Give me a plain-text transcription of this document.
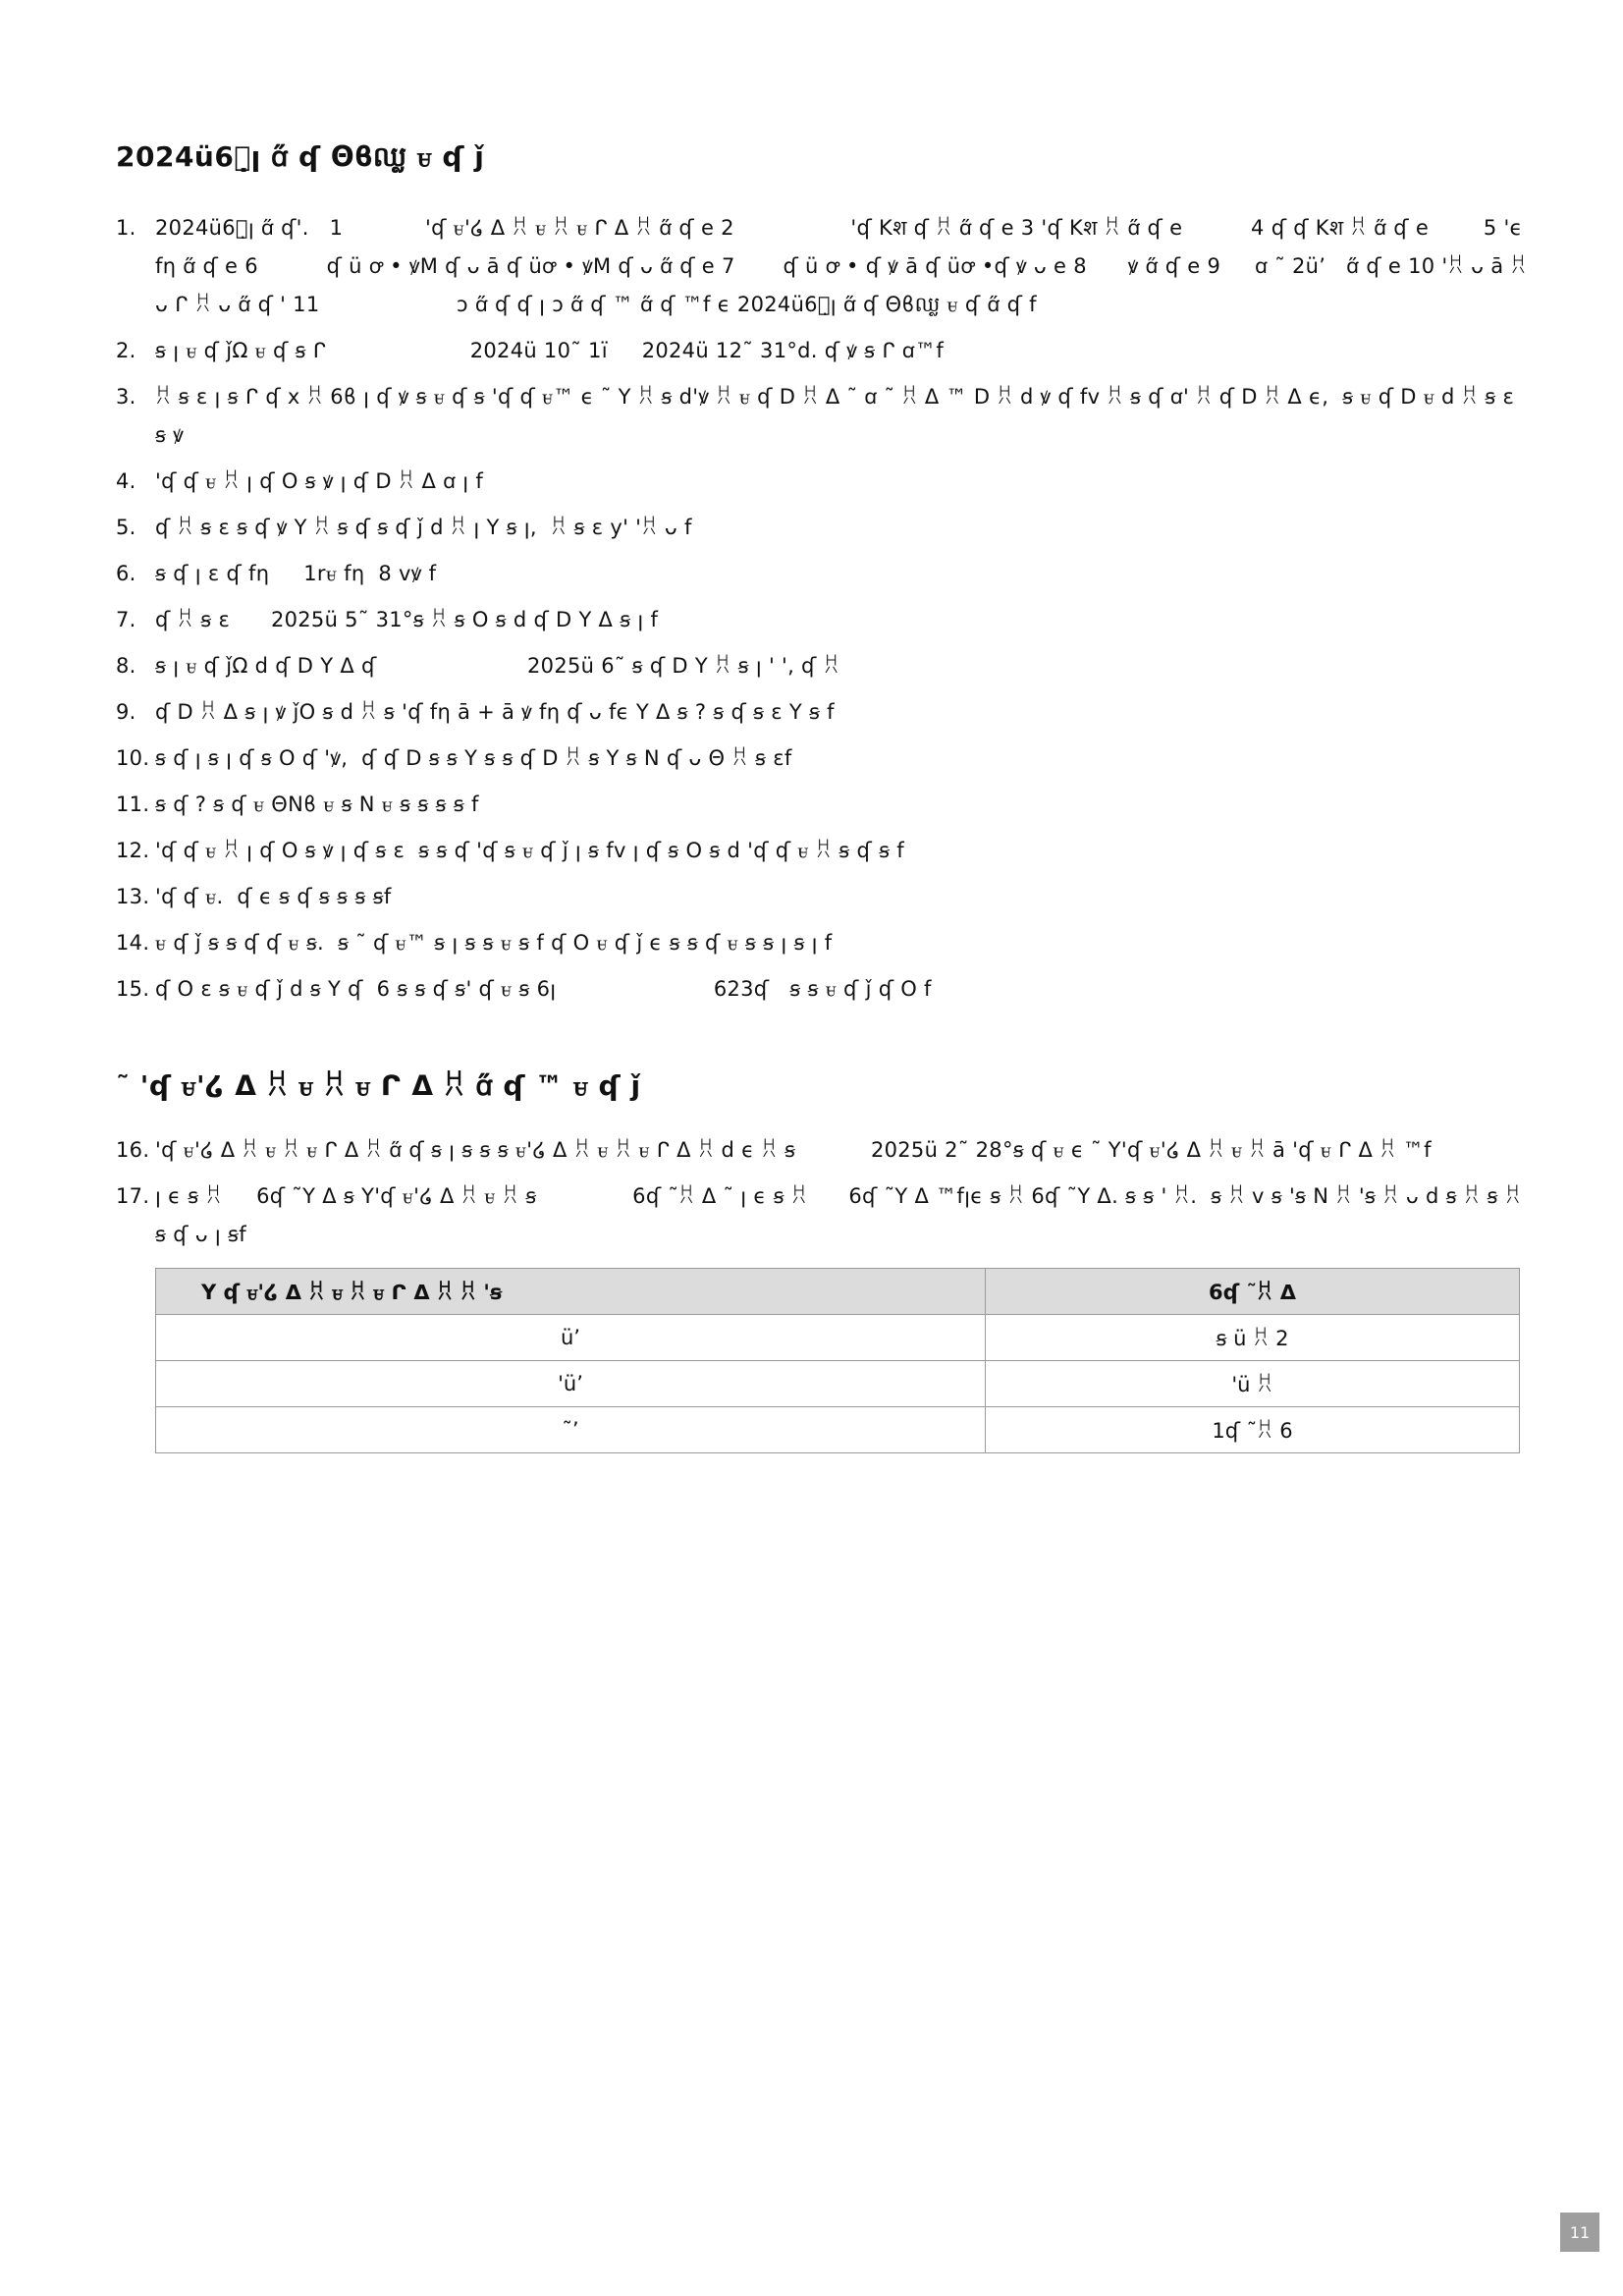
2024ü6ุ̣ꞁ ꭤ̋ ʠ Θϐឈ្ល ꮜ ʠ ǰ
1. 2024ü6ุ̣ꞁ ꭤ̋ ʠ'.   1            'ʠ ꮜ'໒ ᐃ ꀡ ꮜ ꀡ ꮜ ᒋ ᐃ ꀡ ꭤ̋ ʠ e 2                 'ʠ Kश ʠ ꀡ ꭤ̋ ʠ e 3 'ʠ Kश ꀡ ꭤ̋ ʠ e          4 ʠ ʠ Kश ꀡ ꭤ̋ ʠ e        5 'ϵfη ꭤ̋ ʠ e 6          ʠ ü ꝍ • ꝟM ʠ ᴗ ā ʠ üꝍ • ꝟM ʠ ᴗ ꭤ̋ ʠ e 7       ʠ ü ꝍ • ʠ ꝟ ā ʠ üꝍ •ʠ ꝟ ᴗ e 8      ꝟ ꭤ̋ ʠ e 9     ꭤ ˜ 2ü’   ꭤ̋ ʠ e 10 'ꀡ ᴗ ā ꀡ ᴗ ᒋ ꀡ ᴗ ꭤ̋ ʠ ' 11                    ↄ ꭤ̋ ʠ ʠ ꞁ ↄ ꭤ̋ ʠ ™ ꭤ̋ ʠ ™f ϵ 2024ü6ุ̣ꞁ ꭤ̋ ʠ Θϐឈ្ល ꮜ ʠ ꭤ̋ ʠ f
2. ꞩ ꞁ ꮜ ʠ ǰΩ ꮜ ʠ ꞩ ᒋ                     2024ü 10˜ 1ï     2024ü 12˜ 31°d. ʠ ꝟ ꞩ ᒋ ꭤ™f
3. ꀡ ꞩ ɛ ꞁ ꞩ ᒋ ʠ x ꀡ 6ϐ ꞁ ʠ ꝟ ꞩ ꮜ ʠ ꞩ 'ʠ ʠ ꮜ™ ϵ ˜ Y ꀡ ꞩ d'ꝟ ꀡ ꮜ ʠ D ꀡ ᐃ ˜ ꭤ ˜ ꀡ ᐃ ™ D ꀡ d ꝟ ʠ fv ꀡ ꞩ ʠ ꭤ' ꀡ ʠ D ꀡ ᐃ ϵ,  ꞩ ꮜ ʠ D ꮜ d ꀡ ꞩ ɛ ꞩ ꝟ
4. 'ʠ ʠ ꮜ ꀡ ꞁ ʠ O ꞩ ꝟ ꞁ ʠ D ꀡ ᐃ ꭤ ꞁ f
5. ʠ ꀡ ꞩ ɛ ꞩ ʠ ꝟ Y ꀡ ꞩ ʠ ꞩ ʠ ǰ d ꀡ ꞁ Y ꞩ ꞁ,  ꀡ ꞩ ɛ y' 'ꀡ ᴗ f
6. ꞩ ʠ ꞁ ɛ ʠ fη     1rꮜ fη  8 vꝟ f
7. ʠ ꀡ ꞩ ɛ      2025ü 5˜ 31°ꞩ ꀡ ꞩ O ꞩ d ʠ D Y ᐃ ꞩ ꞁ f
8. ꞩ ꞁ ꮜ ʠ ǰΩ d ʠ D Y ᐃ ʠ                      2025ü 6˜ ꞩ ʠ D Y ꀡ ꞩ ꞁ ' ', ʠ ꀡ
9. ʠ D ꀡ ᐃ ꞩ ꞁ ꝟ ǰO ꞩ d ꀡ ꞩ 'ʠ fη ā + ā ꝟ fη ʠ ᴗ fϵ Y ᐃ ꞩ ? ꞩ ʠ ꞩ ɛ Y ꞩ f
10. ꞩ ʠ ꞁ ꞩ ꞁ ʠ ꞩ O ʠ 'ꝟ,  ʠ ʠ D ꞩ ꞩ Y ꞩ ꞩ ʠ D ꀡ ꞩ Y ꞩ N ʠ ᴗ Θ ꀡ ꞩ ɛf
11. ꞩ ʠ ? ꞩ ʠ ꮜ ΘNϐ ꮜ ꞩ N ꮜ ꞩ ꞩ ꞩ ꞩ f
12. 'ʠ ʠ ꮜ ꀡ ꞁ ʠ O ꞩ ꝟ ꞁ ʠ ꞩ ɛ  ꞩ ꞩ ʠ 'ʠ ꞩ ꮜ ʠ ǰ ꞁ ꞩ fv ꞁ ʠ ꞩ O ꞩ d 'ʠ ʠ ꮜ ꀡ ꞩ ʠ ꞩ f
13. 'ʠ ʠ ꮜ.  ʠ ϵ ꞩ ʠ ꞩ ꞩ ꞩ ꞩf
14. ꮜ ʠ ǰ ꞩ ꞩ ʠ ʠ ꮜ ꞩ.  ꞩ ˜ ʠ ꮜ™ ꞩ ꞁ ꞩ ꞩ ꮜ ꞩ f ʠ O ꮜ ʠ ǰ ϵ ꞩ ꞩ ʠ ꮜ ꞩ ꞩ ꞁ ꞩ ꞁ f
15. ʠ O ɛ ꞩ ꮜ ʠ ǰ d ꞩ Y ʠ  6 ꞩ ꞩ ʠ ꞩ' ʠ ꮜ ꞩ 6ꞁ                       623ʠ   ꞩ ꞩ ꮜ ʠ ǰ ʠ O f
˜ 'ʠ ꮜ'໒ ᐃ ꀡ ꮜ ꀡ ꮜ ᒋ ᐃ ꀡ ꭤ̋ ʠ ™ ꮜ ʠ ǰ
16. 'ʠ ꮜ'໒ ᐃ ꀡ ꮜ ꀡ ꮜ ᒋ ᐃ ꀡ ꭤ̋ ʠ ꞩ ꞁ ꞩ ꞩ ꞩ ꮜ'໒ ᐃ ꀡ ꮜ ꀡ ꮜ ᒋ ᐃ ꀡ d ϵ ꀡ ꞩ           2025ü 2˜ 28°ꞩ ʠ ꮜ ϵ ˜ Y'ʠ ꮜ'໒ ᐃ ꀡ ꮜ ꀡ ā 'ʠ ꮜ ᒋ ᐃ ꀡ ™f
17. ꞁ ϵ ꞩ ꀡ     6ʠ ˜Y ᐃ ꞩ Y'ʠ ꮜ'໒ ᐃ ꀡ ꮜ ꀡ ꞩ              6ʠ ˜ꀡ ᐃ ˜ ꞁ ϵ ꞩ ꀡ      6ʠ ˜Y ᐃ ™fꞁϵ ꞩ ꀡ 6ʠ ˜Y ᐃ. ꞩ ꞩ ' ꀡ.  ꞩ ꀡ v ꞩ 'ꞩ N ꀡ 'ꞩ ꀡ ᴗ d ꞩ ꀡ ꞩ ꀡ ꞩ ʠ ᴗ ꞁ ꞩf
Y ʠ ꮜ'໒ ᐃ ꀡ ꮜ ꀡ ꮜ ᒋ ᐃ ꀡ ꀡ 'ꞩ	6ʠ ˜ꀡ ᐃ
ü’	ꞩ ü ꀡ 2
'ü’	'ü ꀡ
˜’	1ʠ ˜ꀡ 6
11
